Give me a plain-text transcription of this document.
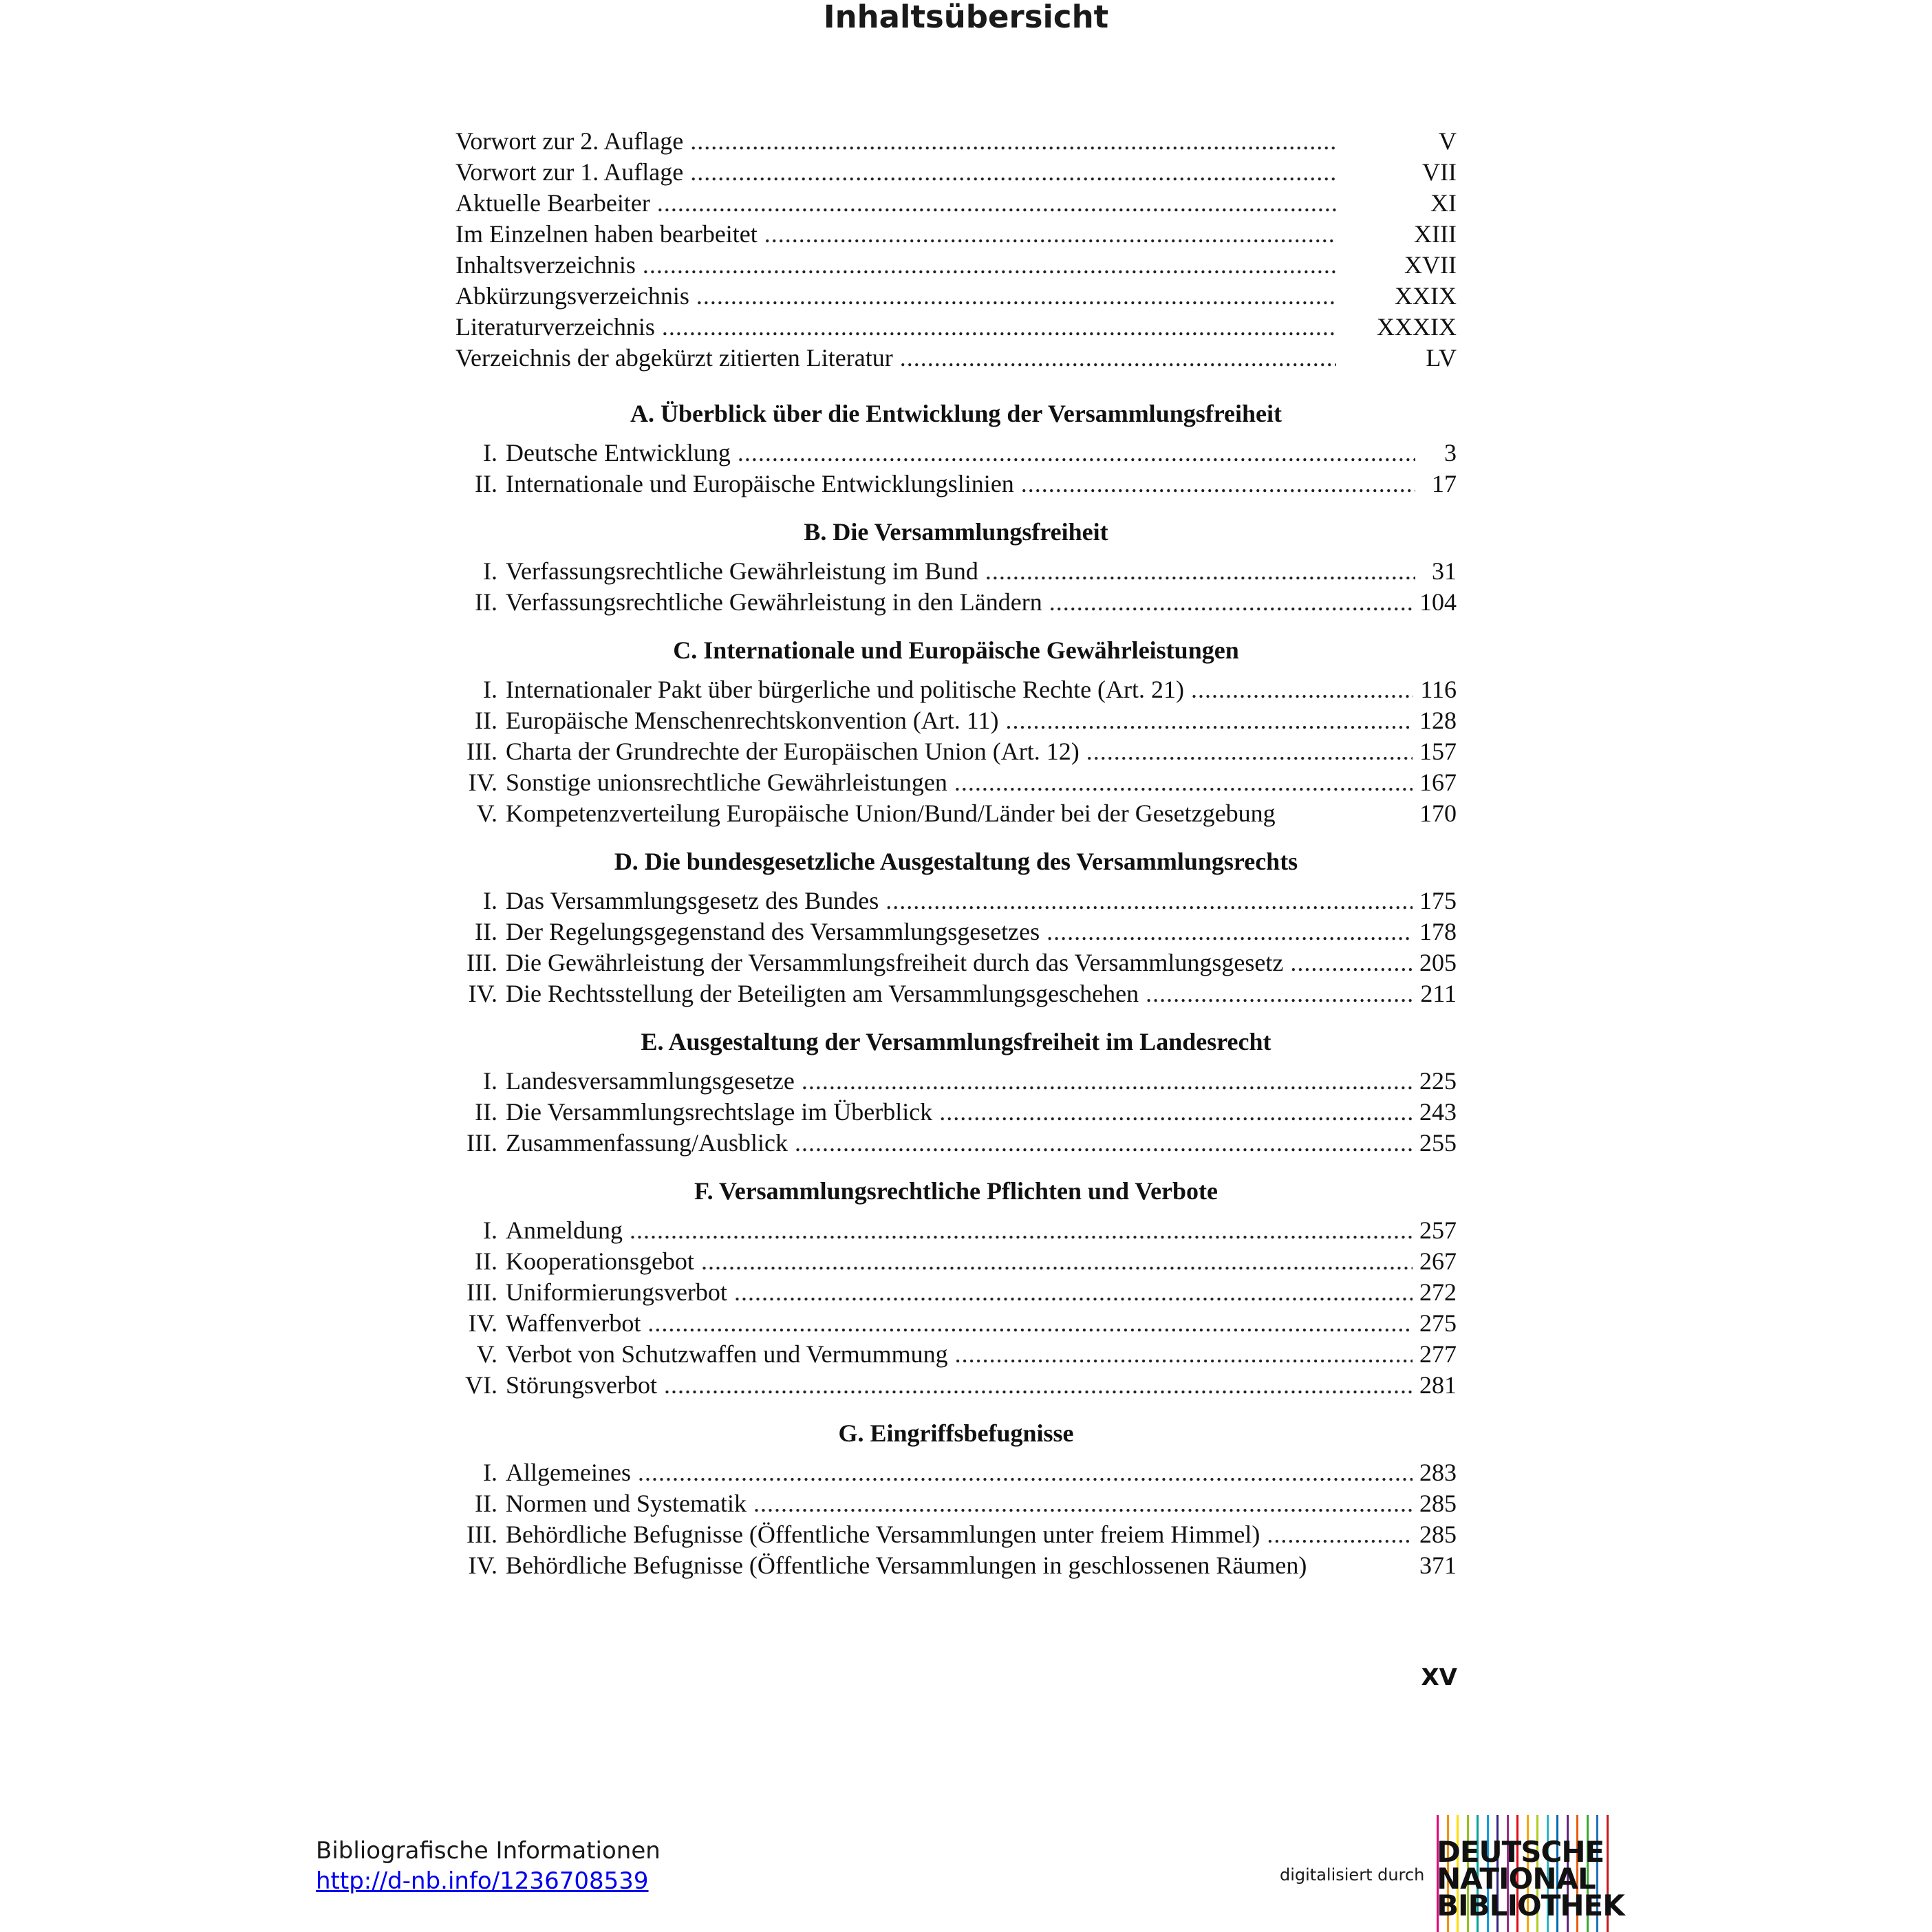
Inhaltsübersicht
Vorwort zur 2. Auflage .....	V
Vorwort zur 1. Auflage .....	VII
Aktuelle Bearbeiter .....	XI
Im Einzelnen haben bearbeitet .....	XIII
Inhaltsverzeichnis .....	XVII
Abkürzungsverzeichnis .....	XXIX
Literaturverzeichnis .....	XXXIX
Verzeichnis der abgekürzt zitierten Literatur .....	LV
A. Überblick über die Entwicklung der Versammlungsfreiheit
I. Deutsche Entwicklung .....	3
II. Internationale und Europäische Entwicklungslinien .....	17
B. Die Versammlungsfreiheit
I. Verfassungsrechtliche Gewährleistung im Bund .....	31
II. Verfassungsrechtliche Gewährleistung in den Ländern .....	104
C. Internationale und Europäische Gewährleistungen
I. Internationaler Pakt über bürgerliche und politische Rechte (Art. 21) .....	116
II. Europäische Menschenrechtskonvention (Art. 11) .....	128
III. Charta der Grundrechte der Europäischen Union (Art. 12) .....	157
IV. Sonstige unionsrechtliche Gewährleistungen .....	167
V. Kompetenzverteilung Europäische Union/Bund/Länder bei der Gesetzgebung	170
D. Die bundesgesetzliche Ausgestaltung des Versammlungsrechts
I. Das Versammlungsgesetz des Bundes .....	175
II. Der Regelungsgegenstand des Versammlungsgesetzes .....	178
III. Die Gewährleistung der Versammlungsfreiheit durch das Versammlungsgesetz .....	205
IV. Die Rechtsstellung der Beteiligten am Versammlungsgeschehen .....	211
E. Ausgestaltung der Versammlungsfreiheit im Landesrecht
I. Landesversammlungsgesetze .....	225
II. Die Versammlungsrechtslage im Überblick .....	243
III. Zusammenfassung/Ausblick .....	255
F. Versammlungsrechtliche Pflichten und Verbote
I. Anmeldung .....	257
II. Kooperationsgebot .....	267
III. Uniformierungsverbot .....	272
IV. Waffenverbot .....	275
V. Verbot von Schutzwaffen und Vermummung .....	277
VI. Störungsverbot .....	281
G. Eingriffsbefugnisse
I. Allgemeines .....	283
II. Normen und Systematik .....	285
III. Behördliche Befugnisse (Öffentliche Versammlungen unter freiem Himmel) .....	285
IV. Behördliche Befugnisse (Öffentliche Versammlungen in geschlossenen Räumen)	371
XV
Bibliografische Informationen
http://d-nb.info/1236708539	digitalisiert durch
DEUTSCHE
NATIONAL
BIBLIOTHEK
